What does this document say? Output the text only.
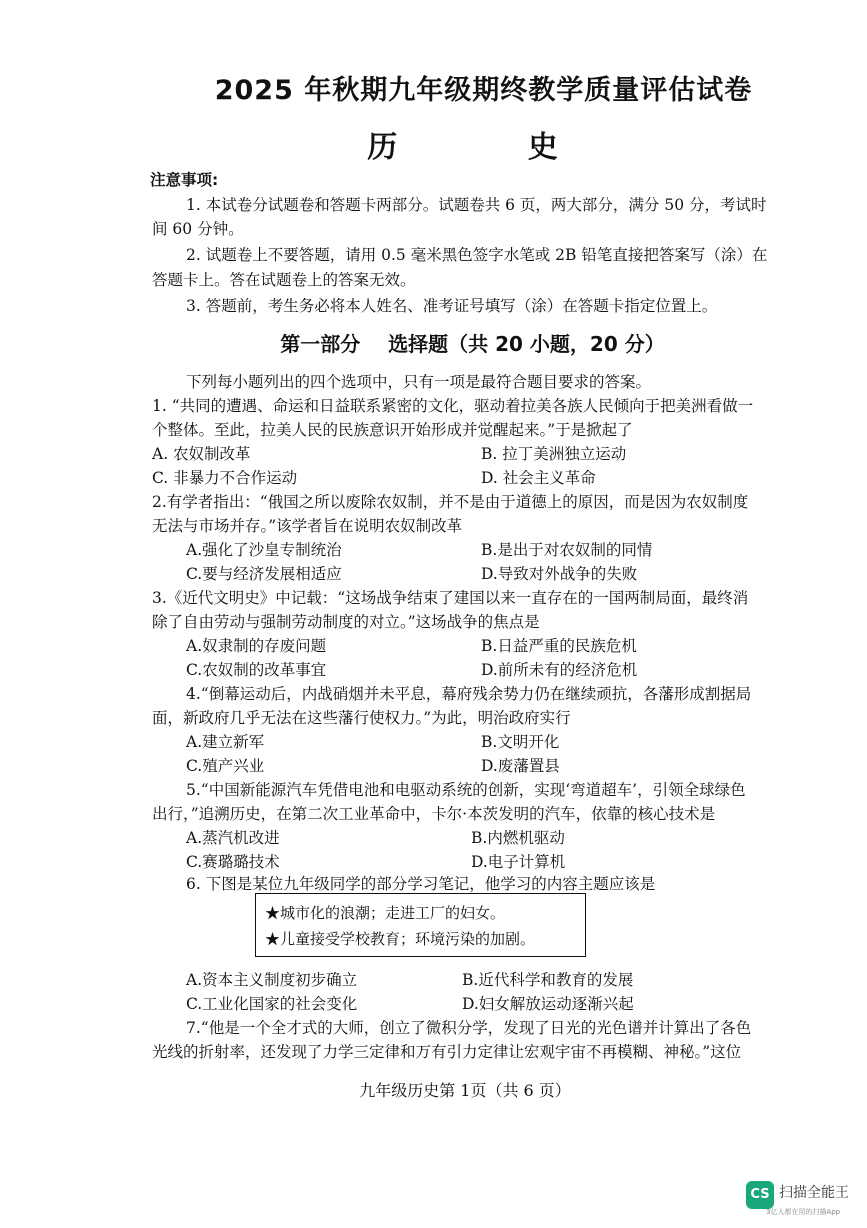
2025 年秋期九年级期终教学质量评估试卷
历 史
注意事项:
1. 本试卷分试题卷和答题卡两部分。试题卷共 6 页，两大部分，满分 50 分，考试时
间 60 分钟。
2. 试题卷上不要答题，请用 0.5 毫米黑色签字水笔或 2B 铅笔直接把答案写（涂）在
答题卡上。答在试题卷上的答案无效。
3. 答题前，考生务必将本人姓名、准考证号填写（涂）在答题卡指定位置上。
第一部分    选择题（共 20 小题，20 分）
下列每小题列出的四个选项中，只有一项是最符合题目要求的答案。
1. “共同的遭遇、命运和日益联系紧密的文化，驱动着拉美各族人民倾向于把美洲看做一
个整体。至此，拉美人民的民族意识开始形成并觉醒起来。”于是掀起了
A. 农奴制改革	B. 拉丁美洲独立运动
C. 非暴力不合作运动	D. 社会主义革命
2.有学者指出：“俄国之所以废除农奴制，并不是由于道德上的原因，而是因为农奴制度
无法与市场并存。”该学者旨在说明农奴制改革
A.强化了沙皇专制统治	B.是出于对农奴制的同情
C.要与经济发展相适应	D.导致对外战争的失败
3.《近代文明史》中记载：“这场战争结束了建国以来一直存在的一国两制局面，最终消
除了自由劳动与强制劳动制度的对立。”这场战争的焦点是
A.奴隶制的存废问题	B.日益严重的民族危机
C.农奴制的改革事宜	D.前所未有的经济危机
4.“倒幕运动后，内战硝烟并未平息，幕府残余势力仍在继续顽抗，各藩形成割据局
面，新政府几乎无法在这些藩行使权力。”为此，明治政府实行
A.建立新军	B.文明开化
C.殖产兴业	D.废藩置县
5.“中国新能源汽车凭借电池和电驱动系统的创新，实现‘弯道超车’，引领全球绿色
出行，”追溯历史，在第二次工业革命中，卡尔·本茨发明的汽车，依靠的核心技术是
A.蒸汽机改进	B.内燃机驱动
C.赛璐璐技术	D.电子计算机
6. 下图是某位九年级同学的部分学习笔记，他学习的内容主题应该是
★城市化的浪潮；走进工厂的妇女。
★儿童接受学校教育；环境污染的加剧。
A.资本主义制度初步确立	B.近代科学和教育的发展
C.工业化国家的社会变化	D.妇女解放运动逐渐兴起
7.“他是一个全才式的大师，创立了微积分学，发现了日光的光色谱并计算出了各色
光线的折射率，还发现了力学三定律和万有引力定律让宏观宇宙不再模糊、神秘。”这位
九年级历史第 1页（共 6 页）
CS 扫描全能王
3亿人都在用的扫描App
